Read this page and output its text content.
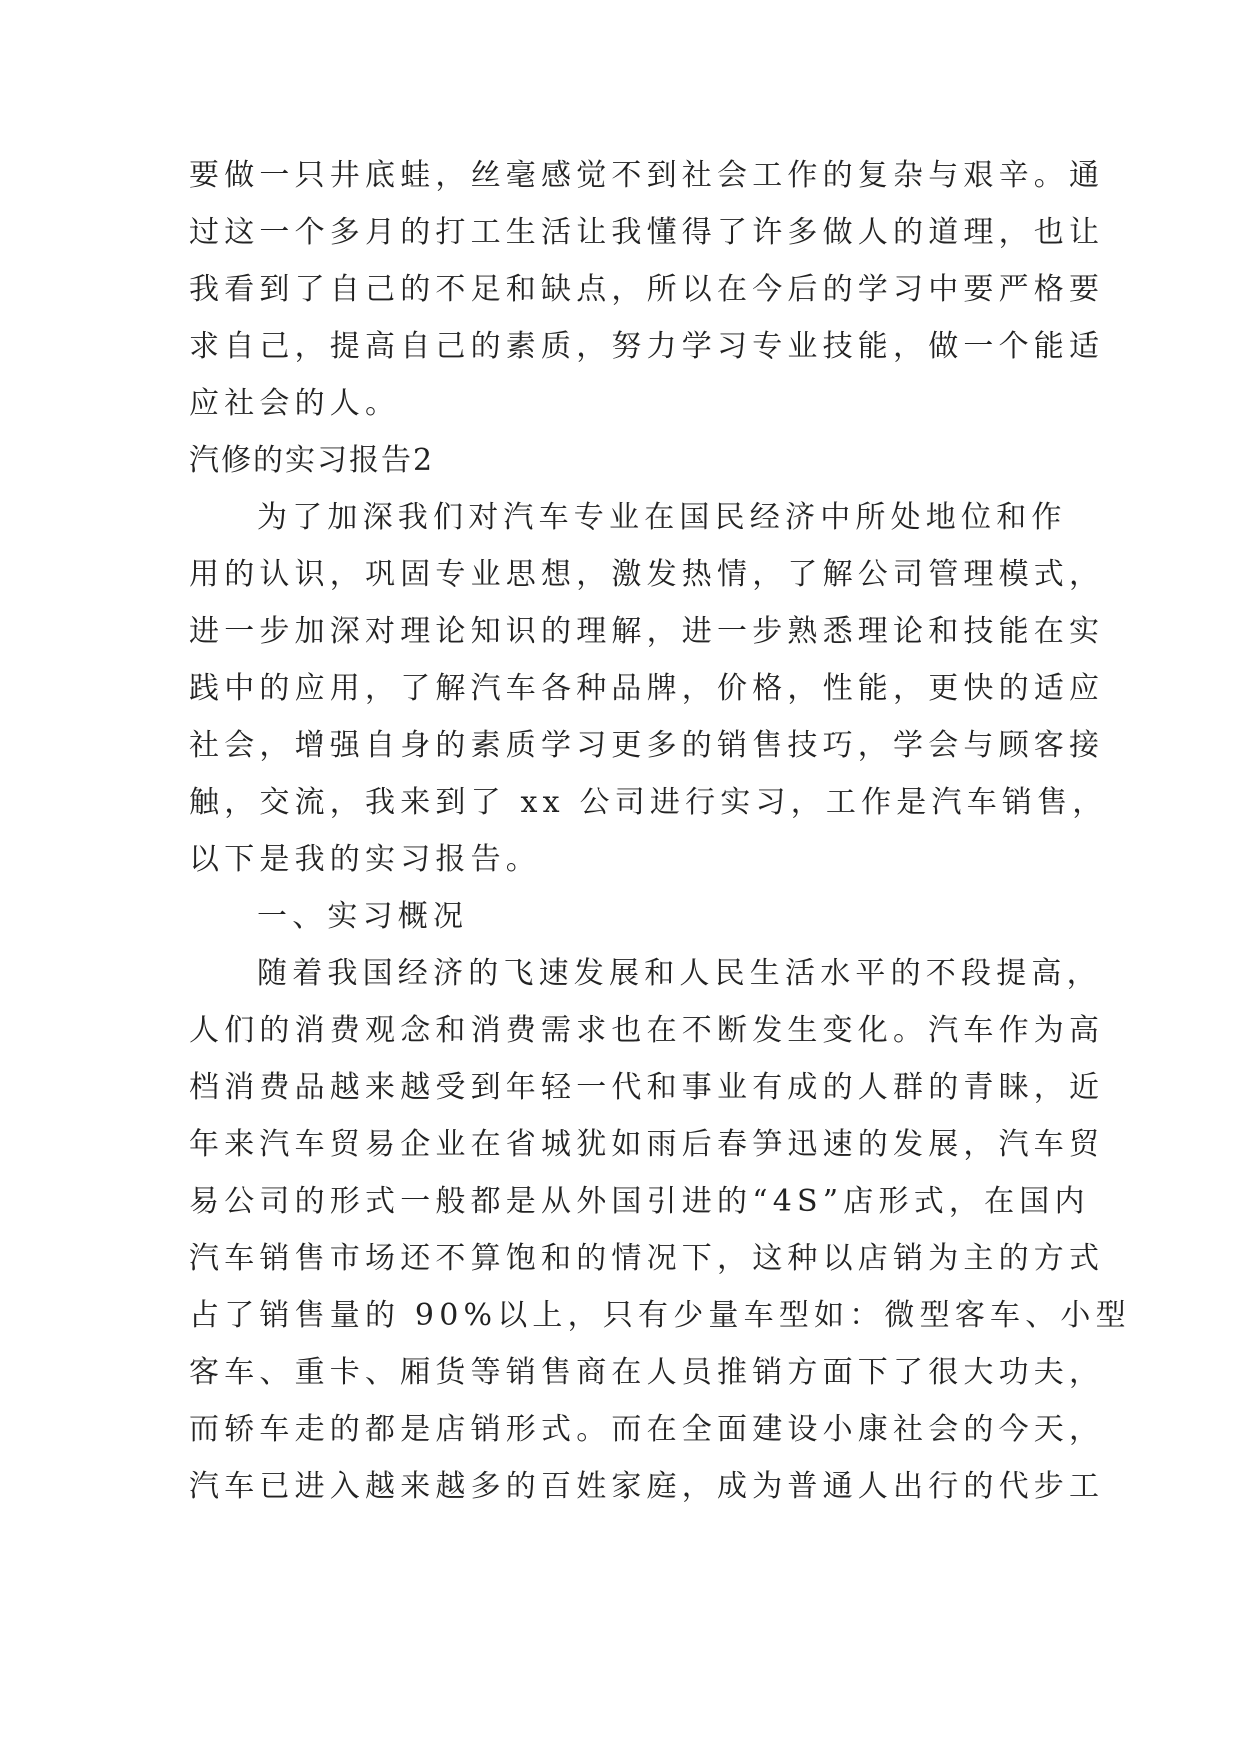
要做一只井底蛙，丝毫感觉不到社会工作的复杂与艰辛。通
过这一个多月的打工生活让我懂得了许多做人的道理，也让
我看到了自己的不足和缺点，所以在今后的学习中要严格要
求自己，提高自己的素质，努力学习专业技能，做一个能适
应社会的人。
汽修的实习报告2
为了加深我们对汽车专业在国民经济中所处地位和作
用的认识，巩固专业思想，激发热情，了解公司管理模式，
进一步加深对理论知识的理解，进一步熟悉理论和技能在实
践中的应用，了解汽车各种品牌，价格，性能，更快的适应
社会，增强自身的素质学习更多的销售技巧，学会与顾客接
触，交流，我来到了 xx 公司进行实习，工作是汽车销售，
以下是我的实习报告。
一、实习概况
随着我国经济的飞速发展和人民生活水平的不段提高，
人们的消费观念和消费需求也在不断发生变化。汽车作为高
档消费品越来越受到年轻一代和事业有成的人群的青睐，近
年来汽车贸易企业在省城犹如雨后春笋迅速的发展，汽车贸
易公司的形式一般都是从外国引进的“4S”店形式，在国内
汽车销售市场还不算饱和的情况下，这种以店销为主的方式
占了销售量的 90%以上，只有少量车型如：微型客车、小型
客车、重卡、厢货等销售商在人员推销方面下了很大功夫，
而轿车走的都是店销形式。而在全面建设小康社会的今天，
汽车已进入越来越多的百姓家庭，成为普通人出行的代步工
